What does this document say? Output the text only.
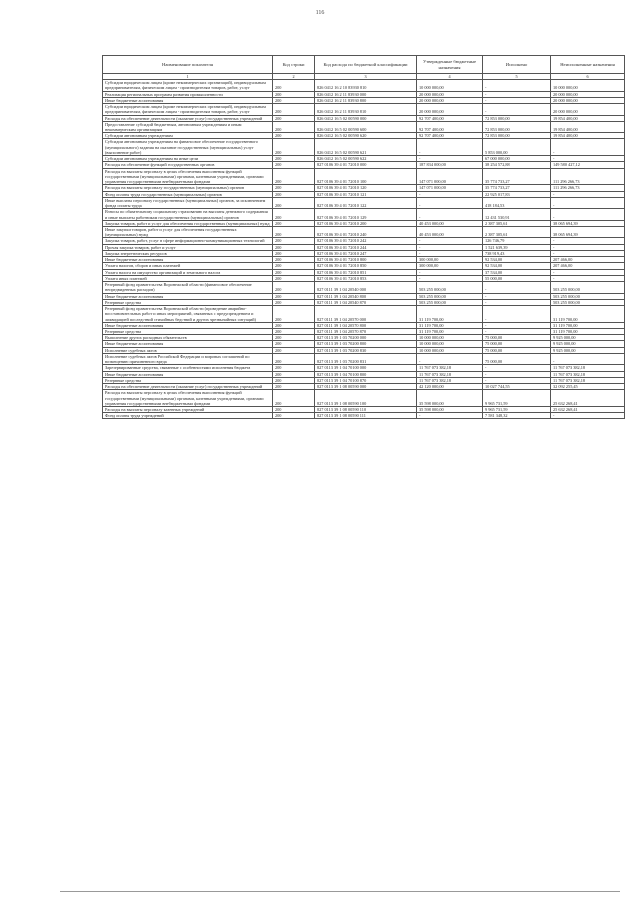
116
Наименование показателя	Код строки	Код расхода по бюджетной классификации	Утвержденные бюджетные назначения	Исполнено	Неисполненные назначения
1	2	3	4	5	6
Субсидии юридическим лицам (кроме некоммерческих организаций), индивидуальным предпринимателям, физическим лицам - производителям товаров, работ, услуг	200	826 0412 16 2 10 83930 810	10 000 000,00	-	10 000 000,00
Реализация региональных программ развития промышленности	200	826 0412 16 2 11 83930 000	20 000 000,00	-	20 000 000,00
Иные бюджетные ассигнования	200	826 0412 16 2 11 83930 800	20 000 000,00	-	20 000 000,00
Субсидии юридическим лицам (кроме некоммерческих организаций), индивидуальным предпринимателям, физическим лицам - производителям товаров, работ, услуг	200	826 0412 16 2 11 83930 810	20 000 000,00	-	20 000 000,00
Расходы на обеспечение деятельности (оказание услуг) государственных учреждений	200	826 0412 16 5 02 00590 000	92 707 400,00	72 853 000,00	19 854 400,00
Предоставление субсидий бюджетным, автономным учреждениям и иным некоммерческим организациям	200	826 0412 16 5 02 00590 600	92 707 400,00	72 853 000,00	19 854 400,00
Субсидии автономным учреждениям	200	826 0412 16 5 02 00590 620	92 707 400,00	72 853 000,00	19 854 400,00
Субсидии автономным учреждениям на финансовое обеспечение государственного (муниципального) задания на оказание государственных (муниципальных) услуг (выполнение работ)	200	826 0412 16 5 02 00590 621	-	5 853 000,00	-
Субсидии автономным учреждениям на иные цели	200	826 0412 16 5 02 00590 622	-	67 000 000,00	-
Расходы на обеспечение функций государственных органов	200	827 0106 39 4 01 72010 000	187 834 000,00	38 254 572,88	149 580 427,12
Расходы на выплаты персоналу в целях обеспечения выполнения функций государственными (муниципальными) органами, казенными учреждениями, органами управления государственными внебюджетными фондами	200	827 0106 39 4 01 72010 100	147 071 000,00	35 774 733,27	111 296 266,73
Расходы на выплаты персоналу государственных (муниципальных) органов	200	827 0106 39 4 01 72010 120	147 071 000,00	35 774 733,27	111 296 266,73
Фонд оплаты труда государственных (муниципальных) органов	200	827 0106 39 4 01 72010 121	-	22 925 017,83	-
Иные выплаты персоналу государственных (муниципальных) органов, за исключением фонда оплаты труда	200	827 0106 39 4 01 72010 122	-	418 184,53	-
Взносы по обязательному социальному страхованию на выплаты денежного содержания и иные выплаты работникам государственных (муниципальных) органов	200	827 0106 39 4 01 72010 129	-	12 431 530,91	-
Закупка товаров, работ и услуг для обеспечения государственных (муниципальных) нужд	200	827 0106 39 4 01 72010 200	40 453 000,00	2 387 305,61	38 065 694,39
Иные закупки товаров, работ и услуг для обеспечения государственных (муниципальных) нужд	200	827 0106 39 4 01 72010 240	40 453 000,00	2 387 305,61	38 065 694,39
Закупка товаров, работ, услуг в сфере информационно-коммуникационных технологий	200	827 0106 39 4 01 72010 242	-	126 746,79	-
Прочая закупка товаров, работ и услуг	200	827 0106 39 4 01 72010 244	-	1 521 639,39	-
Закупка энергетических ресурсов	200	827 0106 39 4 01 72010 247	-	738 919,43	-
Иные бюджетные ассигнования	200	827 0106 39 4 01 72010 800	300 000,00	92 534,00	207 466,00
Уплата налогов, сборов и иных платежей	200	827 0106 39 4 01 72010 850	300 000,00	92 534,00	207 466,00
Уплата налога на имущество организаций и земельного налога	200	827 0106 39 4 01 72010 851	-	37 534,00	-
Уплата иных платежей	200	827 0106 39 4 01 72010 853	-	55 000,00	-
Резервный фонд правительства Воронежской области (финансовое обеспечение непредвиденных расходов)	200	827 0111 39 1 04 20540 000	503 255 000,00	-	503 255 000,00
Иные бюджетные ассигнования	200	827 0111 39 1 04 20540 800	503 255 000,00	-	503 255 000,00
Резервные средства	200	827 0111 39 1 04 20540 870	503 255 000,00	-	503 255 000,00
Резервный фонд правительства Воронежской области (проведение аварийно-восстановительных работ и иных мероприятий, связанных с предупреждением и ликвидацией последствий стихийных бедствий и других чрезвычайных ситуаций)	200	827 0111 39 1 04 20570 000	31 119 700,00	-	31 119 700,00
Иные бюджетные ассигнования	200	827 0111 39 1 04 20570 800	31 119 700,00	-	31 119 700,00
Резервные средства	200	827 0111 39 1 04 20570 870	31 119 700,00	-	31 119 700,00
Выполнение других расходных обязательств	200	827 0113 39 1 03 70200 000	10 000 000,00	75 000,00	9 925 000,00
Иные бюджетные ассигнования	200	827 0113 39 1 03 70200 800	10 000 000,00	75 000,00	9 925 000,00
Исполнение судебных актов	200	827 0113 39 1 03 70200 830	10 000 000,00	75 000,00	9 925 000,00
Исполнение судебных актов Российской Федерации и мировых соглашений по возмещению причиненного вреда	200	827 0113 39 1 03 70200 831	-	75 000,00	-
Зарезервированные средства, связанные с особенностями исполнения бюджета	200	827 0113 39 1 04 70100 000	11 767 073 382,18	-	11 767 073 382,18
Иные бюджетные ассигнования	200	827 0113 39 1 04 70100 800	11 767 073 382,18	-	11 767 073 382,18
Резервные средства	200	827 0113 39 1 04 70100 870	11 767 073 382,18	-	11 767 073 382,18
Расходы на обеспечение деятельности (оказание услуг) государственных учреждений	200	827 0113 39 1 08 00590 000	42 120 000,00	10 027 744,55	32 092 255,45
Расходы на выплаты персоналу в целях обеспечения выполнения функций государственными (муниципальными) органами, казенными учреждениями, органами управления государственными внебюджетными фондами	200	827 0113 39 1 08 00590 100	35 598 000,00	9 965 731,59	25 632 268,41
Расходы на выплаты персоналу казенных учреждений	200	827 0113 39 1 08 00590 110	35 598 000,00	9 965 731,59	25 632 268,41
Фонд оплаты труда учреждений	200	827 0113 39 1 08 00590 111	-	7 581 348,32	-
